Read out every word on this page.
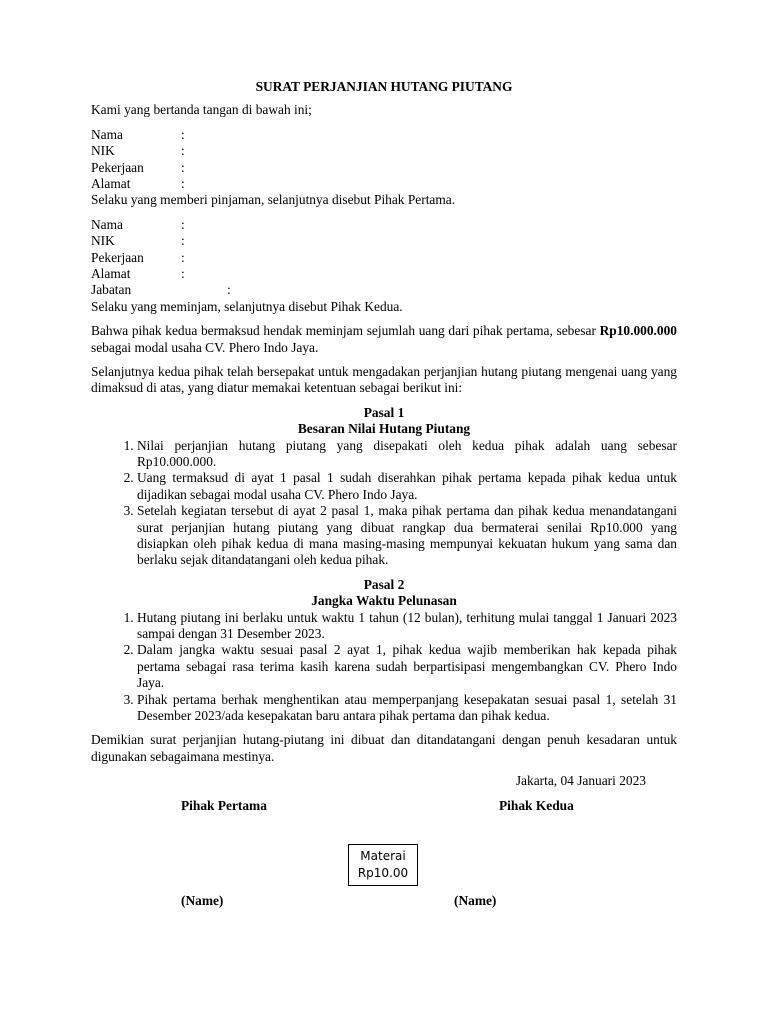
SURAT PERJANJIAN HUTANG PIUTANG

Kami yang bertanda tangan di bawah ini;

Nama	:
NIK	:
Pekerjaan	:
Alamat	:

Selaku yang memberi pinjaman, selanjutnya disebut Pihak Pertama.

Nama	:
NIK	:
Pekerjaan	:
Alamat	:
Jabatan	:

Selaku yang meminjam, selanjutnya disebut Pihak Kedua.

Bahwa pihak kedua bermaksud hendak meminjam sejumlah uang dari pihak pertama, sebesar Rp10.000.000 sebagai modal usaha CV. Phero Indo Jaya.

Selanjutnya kedua pihak telah bersepakat untuk mengadakan perjanjian hutang piutang mengenai uang yang dimaksud di atas, yang diatur memakai ketentuan sebagai berikut ini:

Pasal 1
Besaran Nilai Hutang Piutang
1. Nilai perjanjian hutang piutang yang disepakati oleh kedua pihak adalah uang sebesar Rp10.000.000.
2. Uang termaksud di ayat 1 pasal 1 sudah diserahkan pihak pertama kepada pihak kedua untuk dijadikan sebagai modal usaha CV. Phero Indo Jaya.
3. Setelah kegiatan tersebut di ayat 2 pasal 1, maka pihak pertama dan pihak kedua menandatangani surat perjanjian hutang piutang yang dibuat rangkap dua bermaterai senilai Rp10.000 yang disiapkan oleh pihak kedua di mana masing-masing mempunyai kekuatan hukum yang sama dan berlaku sejak ditandatangani oleh kedua pihak.
Pasal 2
Jangka Waktu Pelunasan
1. Hutang piutang ini berlaku untuk waktu 1 tahun (12 bulan), terhitung mulai tanggal 1 Januari 2023 sampai dengan 31 Desember 2023.
2. Dalam jangka waktu sesuai pasal 2 ayat 1, pihak kedua wajib memberikan hak kepada pihak pertama sebagai rasa terima kasih karena sudah berpartisipasi mengembangkan CV. Phero Indo Jaya.
3. Pihak pertama berhak menghentikan atau memperpanjang kesepakatan sesuai pasal 1, setelah 31 Desember 2023/ada kesepakatan baru antara pihak pertama dan pihak kedua.

Demikian surat perjanjian hutang-piutang ini dibuat dan ditandatangani dengan penuh kesadaran untuk digunakan sebagaimana mestinya.

Jakarta, 04 Januari 2023

Pihak Pertama	Pihak Kedua
Materai
Rp10.00
(Name)	(Name)
